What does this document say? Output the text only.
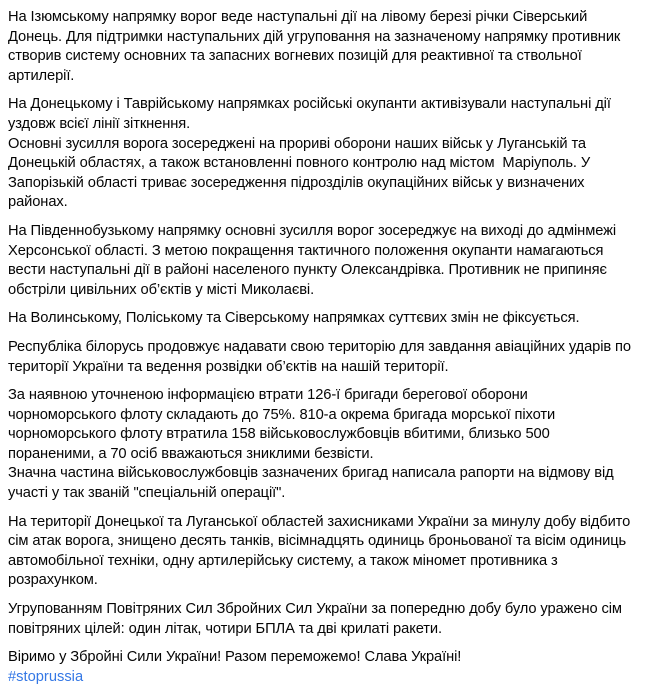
На Ізюмському напрямку ворог веде наступальні дії на лівому березі річки Сіверський
Донець. Для підтримки наступальних дій угруповання на зазначеному напрямку противник
створив систему основних та запасних вогневих позицій для реактивної та ствольної
артилерії.
На Донецькому і Таврійському напрямках російські окупанти активізували наступальні дії
уздовж всієї лінії зіткнення.
Основні зусилля ворога зосереджені на прориві оборони наших військ у Луганській та
Донецькій областях, а також встановленні повного контролю над містом  Маріуполь. У
Запорізькій області триває зосередження підрозділів окупаційних військ у визначених
районах.
На Південнобузькому напрямку основні зусилля ворог зосереджує на виході до адмінмежі
Херсонської області. З метою покращення тактичного положення окупанти намагаються
вести наступальні дії в районі населеного пункту Олександрівка. Противник не припиняє
обстріли цивільних об’єктів у місті Миколаєві.
На Волинському, Поліському та Сіверському напрямках суттєвих змін не фіксується.
Республіка білорусь продовжує надавати свою територію для завдання авіаційних ударів по
території України та ведення розвідки об’єктів на нашій території.
За наявною уточненою інформацією втрати 126-ї бригади берегової оборони
чорноморського флоту складають до 75%. 810-а окрема бригада морської піхоти
чорноморського флоту втратила 158 військовослужбовців вбитими, близько 500
пораненими, а 70 осіб вважаються зниклими безвісти.
Значна частина військовослужбовців зазначених бригад написала рапорти на відмову від
участі у так званій "спеціальній операції".
На території Донецької та Луганської областей захисниками України за минулу добу відбито
сім атак ворога, знищено десять танків, вісімнадцять одиниць броньованої та вісім одиниць
автомобільної техніки, одну артилерійську систему, а також міномет противника з
розрахунком.
Угрупованням Повітряних Сил Збройних Сил України за попередню добу було уражено сім
повітряних цілей: один літак, чотири БПЛА та дві крилаті ракети.
Віримо у Збройні Сили України! Разом переможемо! Слава Україні!
#stoprussia
